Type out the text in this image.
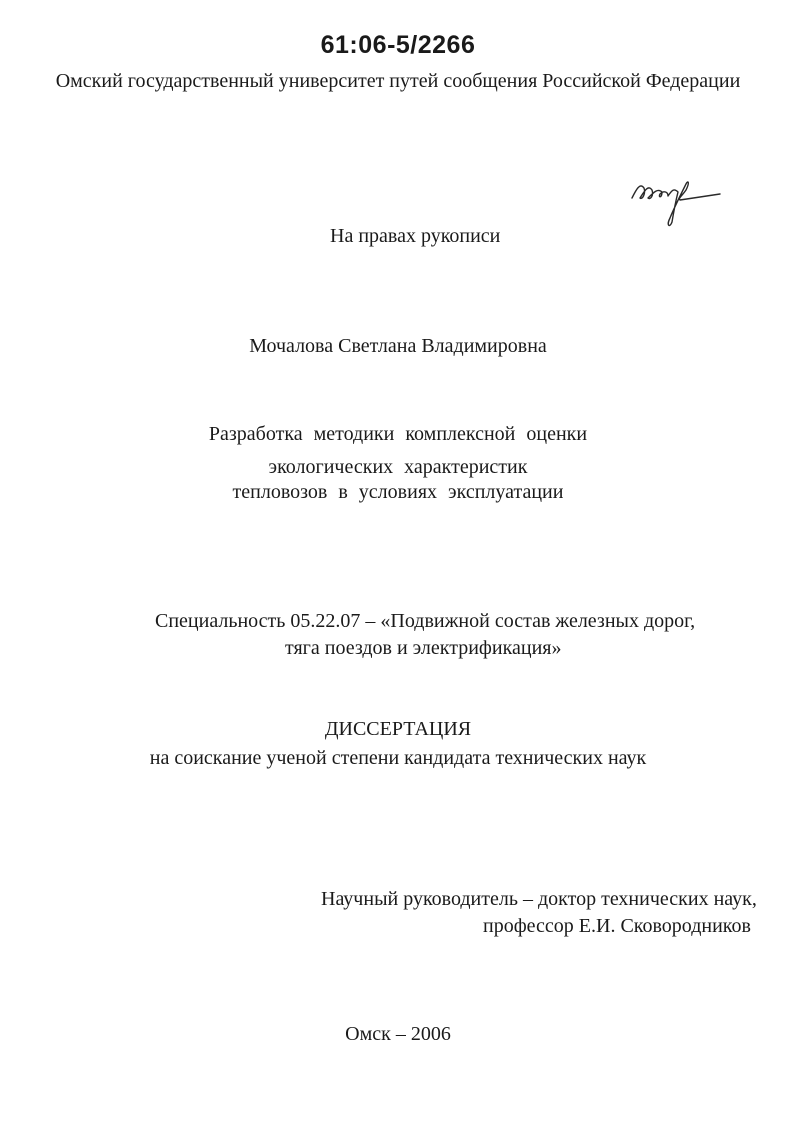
61:06-5/2266
Омский государственный университет путей сообщения Российской Федерации
На правах рукописи
Мочалова Светлана Владимировна
Разработка методики комплексной оценки
экологических характеристик
тепловозов в условиях эксплуатации
Специальность 05.22.07 – «Подвижной состав железных дорог,
тяга поездов и электрификация»
ДИССЕРТАЦИЯ
на соискание ученой степени кандидата технических наук
Научный руководитель – доктор технических наук,
профессор Е.И. Сковородников
Омск – 2006
